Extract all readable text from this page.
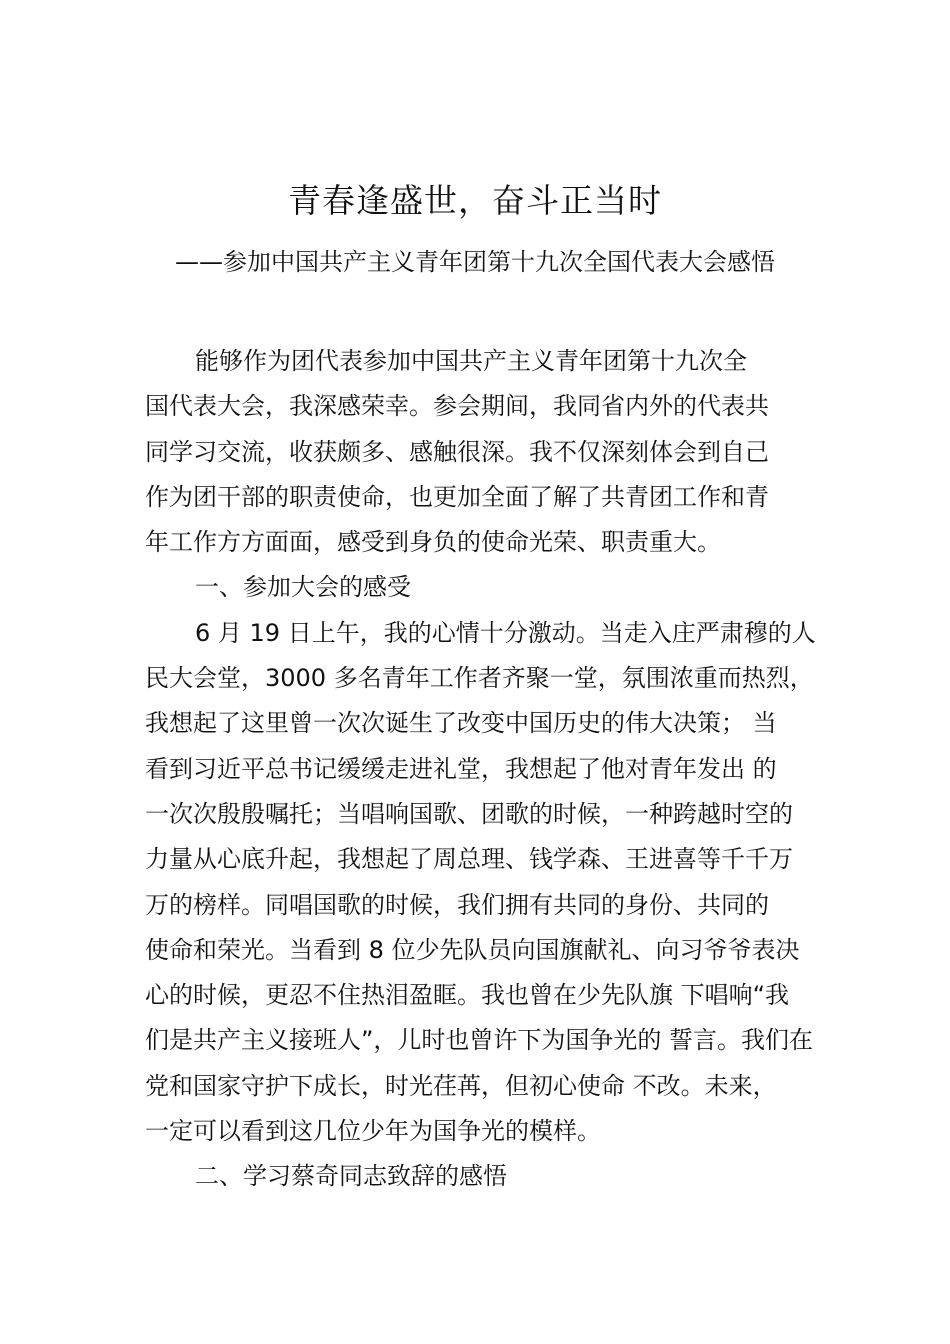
青春逢盛世，奋斗正当时
——参加中国共产主义青年团第十九次全国代表大会感悟
能够作为团代表参加中国共产主义青年团第十九次全
国代表大会，我深感荣幸。参会期间，我同省内外的代表共
同学习交流，收获颇多、感触很深。我不仅深刻体会到自己
作为团干部的职责使命，也更加全面了解了共青团工作和青
年工作方方面面，感受到身负的使命光荣、职责重大。
一、参加大会的感受
6 月 19 日上午，我的心情十分激动。当走入庄严肃穆的人
民大会堂，3000 多名青年工作者齐聚一堂，氛围浓重而热烈，
我想起了这里曾一次次诞生了改变中国历史的伟大决策； 当
看到习近平总书记缓缓走进礼堂，我想起了他对青年发出 的
一次次殷殷嘱托；当唱响国歌、团歌的时候，一种跨越时空的
力量从心底升起，我想起了周总理、钱学森、王进喜等千千万
万的榜样。同唱国歌的时候，我们拥有共同的身份、共同的
使命和荣光。当看到 8 位少先队员向国旗献礼、向习爷爷表决
心的时候，更忍不住热泪盈眶。我也曾在少先队旗 下唱响“我
们是共产主义接班人”，儿时也曾许下为国争光的 誓言。我们在
党和国家守护下成长，时光荏苒，但初心使命 不改。未来，
一定可以看到这几位少年为国争光的模样。
二、学习蔡奇同志致辞的感悟
